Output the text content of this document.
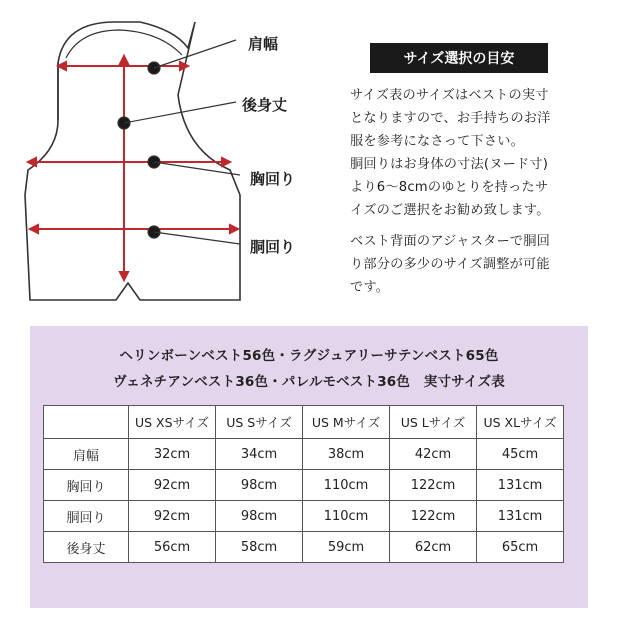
肩幅
後身丈
胸回り
胴回り
サイズ選択の目安

サイズ表のサイズはベストの実寸

となりますので、お手持ちのお洋

服を参考になさって下さい。

胴回りはお身体の寸法(ヌード寸)

より6～8cmのゆとりを持ったサ

イズのご選択をお勧め致します。

ベスト背面のアジャスターで胴回

り部分の多少のサイズ調整が可能

です。

ヘリンボーンベスト56色・ラグジュアリーサテンベスト65色
ヴェネチアンベスト36色・パレルモベスト36色　実寸サイズ表
	US XSサイズ	US Sサイズ	US Mサイズ	US Lサイズ	US XLサイズ
肩幅	32cm	34cm	38cm	42cm	45cm
胸回り	92cm	98cm	110cm	122cm	131cm
胴回り	92cm	98cm	110cm	122cm	131cm
後身丈	56cm	58cm	59cm	62cm	65cm
